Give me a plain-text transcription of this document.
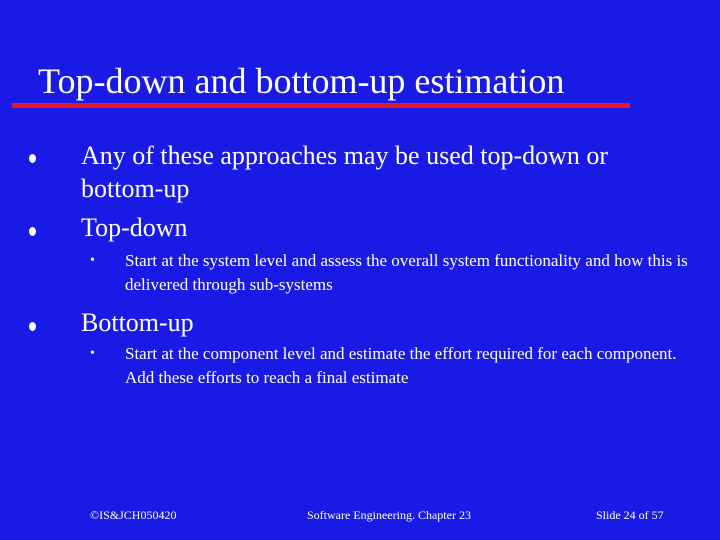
Top-down and bottom-up estimation
Any of these approaches may be used top-down or bottom-up
Top-down
• Start at the system level and assess the overall system functionality and how this is delivered through sub-systems
Bottom-up
• Start at the component level and estimate the effort required for each component. Add these efforts to reach a final estimate
©IS&JCH050420	Software Engineering. Chapter 23	Slide 24 of 57
